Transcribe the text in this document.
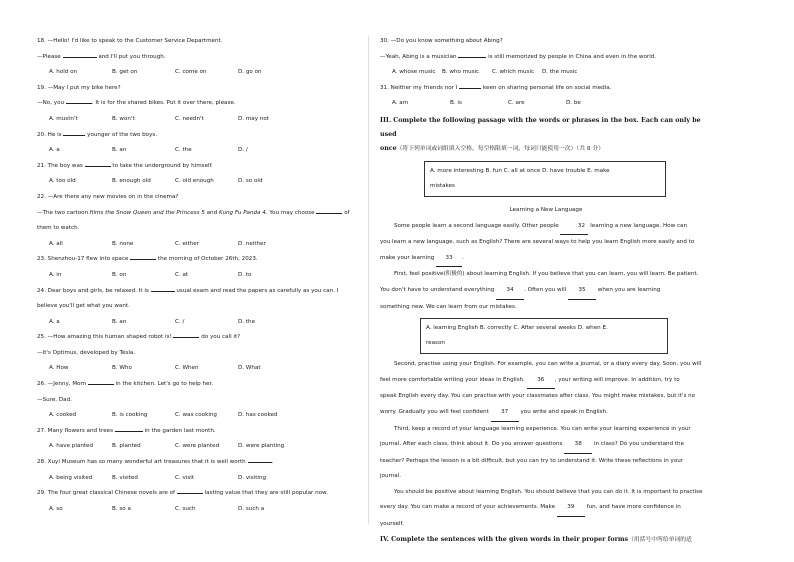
18. —Hello! I'd like to speak to the Customer Service Department.
—Please	and I'll put you through.
A. hold on	B. get on	C. come on	D. go on
19. —May I put my bike here?
—No, you	. It is for the shared bikes. Put it over there, please.
A. mustn't	B. won't	C. needn't	D. may not
20. He is	younger of the two boys.
A. a	B. an	C. the	D. /
21. The boy was	to take the underground by himself.
A. too old	B. enough old	C. old enough	D. so old
22. —Are there any new movies on in the cinema?
—The two cartoon films the Snow Queen and the Princess 5 and Kung Fu Panda 4. You may choose	of
them to watch.
A. all	B. none	C. either	D. neither
23. Shenzhou-17 flew into space	the morning of October 26th, 2023.
A. in	B. on	C. at	D. to
24. Dear boys and girls, be relaxed. It is	usual exam and read the papers as carefully as you can. I
believe you'll get what you want.
A. a	B. an	C. /	D. the
25. —How amazing this human shaped robot is!	do you call it?
—It's Optimus, developed by Tesla.
A. How	B. Who	C. When	D. What
26. —Jenny, Mom	in the kitchen. Let's go to help her.
—Sure, Dad.
A. cooked	B. is cooking	C. was cooking	D. has cooked
27. Many flowers and trees	in the garden last month.
A. have planted	B. planted	C. were planted	D. were planting
28. Xuyi Museum has so many wonderful art treasures that it is well worth	.
A. being visited	B. visited	C. visit	D. visiting
29. The four great classical Chinese novels are of	lasting value that they are still popular now.
A. so	B. so a	C. such	D. such a
30. —Do you know something about Abing?
—Yeah, Abing is a musician	is still memorized by people in China and even in the world.
A. whose music	B. who music	C. which music	D. the music
31. Neither my friends nor I	keen on sharing personal life on social media.
A. am	B. is	C. are	D. be
III. Complete the following passage with the words or phrases in the box. Each can only be used
once（将下列单词或词组填入空格。每空格限填一词，每词只能使用一次）（共 8 分）
A. more interesting B. fun C. all at once D. have trouble E. make
mistakes
Learning a New Language
Some people learn a second language easily. Other people	32 learning a new language. How can
you learn a new language, such as English? There are several ways to help you learn English more easily and to
make your learning 33 .
First, feel positive(积极的) about learning English. If you believe that you can learn, you will learn. Be patient.
You don't have to understand everything 34 . Often you will 35 when you are learning
something new. We can learn from our mistakes.
A. learning English B. correctly C. After several weeks D. when E.
reason
Second, practise using your English. For example, you can write a journal, or a diary every day. Soon, you will
feel more comfortable writing your ideas in English. 36 , your writing will improve. In addition, try to
speak English every day. You can practise with your classmates after class. You might make mistakes, but it's no
worry. Gradually you will feel confident 37 you write and speak in English.
Third, keep a record of your language learning experience. You can write your learning experience in your
journal. After each class, think about it. Do you answer questions 38 in class? Do you understand the
teacher? Perhaps the lesson is a bit difficult, but you can try to understand it. Write these reflections in your
journal.
You should be positive about learning English. You should believe that you can do it. It is important to practise
every day. You can make a record of your achievements. Make 39 fun, and have more confidence in
yourself.
IV. Complete the sentences with the given words in their proper forms（用括号中所给单词的适
